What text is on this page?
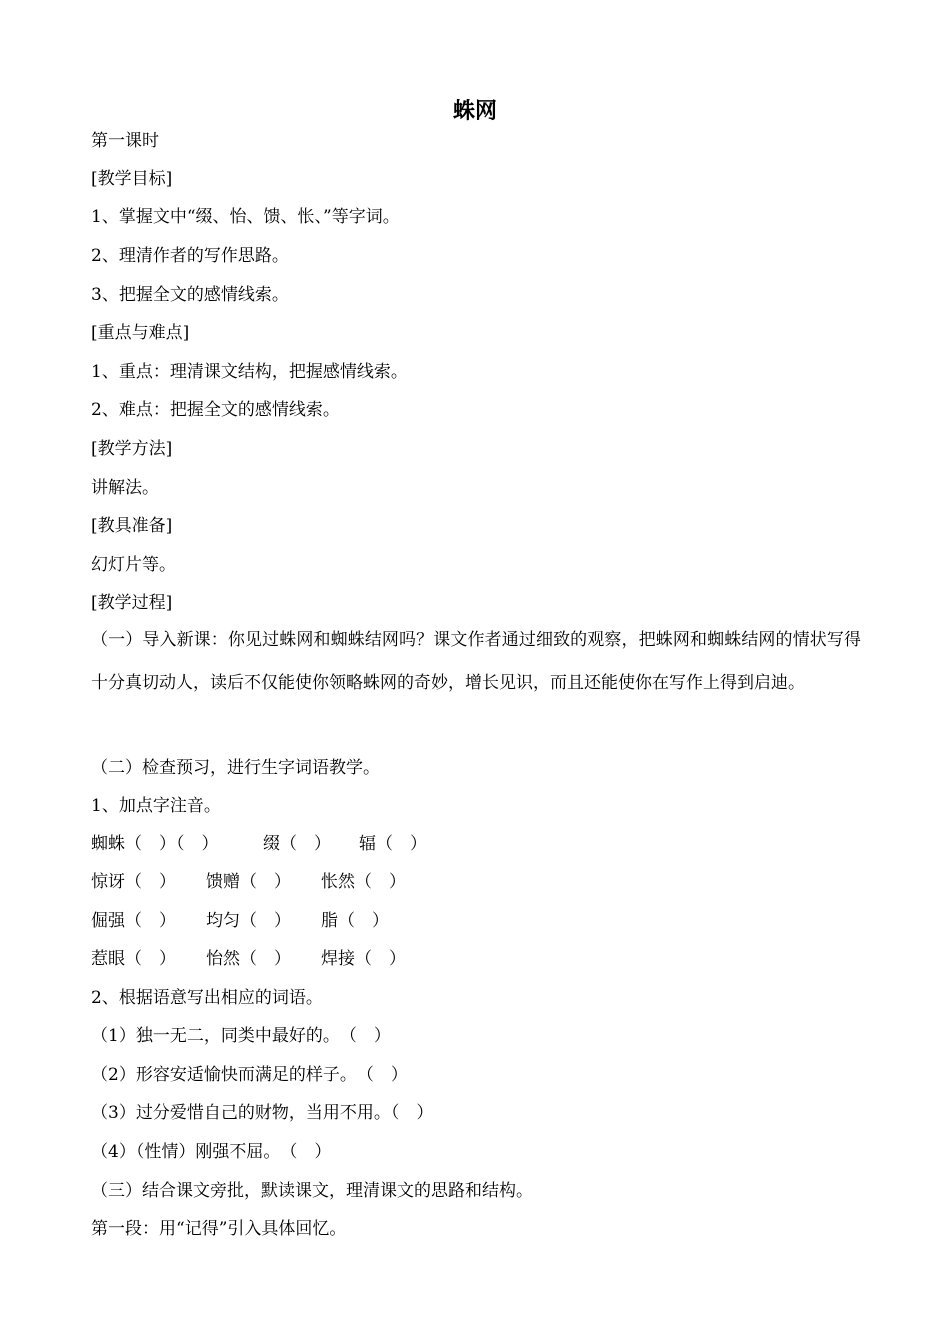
蛛网
第一课时
[教学目标]
1、掌握文中“缀、怡、馈、怅、”等字词。
2、理清作者的写作思路。
3、把握全文的感情线索。
[重点与难点]
1、重点：理清课文结构，把握感情线索。
2、难点：把握全文的感情线索。
[教学方法]
讲解法。
[教具准备]
幻灯片等。
[教学过程]
（一）导入新课：你见过蛛网和蜘蛛结网吗？课文作者通过细致的观察，把蛛网和蜘蛛结网的情状写得十分真切动人，读后不仅能使你领略蛛网的奇妙，增长见识，而且还能使你在写作上得到启迪。
（二）检查预习，进行生字词语教学。
1、加点字注音。
蜘蛛（　）（　）	缀（　） 辐（　）
惊讶（　） 馈赠（　） 怅然（　）
倔强（　） 均匀（　） 脂（　）
惹眼（　） 怡然（　） 焊接（　）
2、根据语意写出相应的词语。
（1）独一无二，同类中最好的。　（　）
（2）形容安适愉快而满足的样子。　（　）
（3）过分爱惜自己的财物，当用不用。（　）
（4）（性情）刚强不屈。　（　）
（三）结合课文旁批，默读课文，理清课文的思路和结构。
第一段：用“记得”引入具体回忆。
